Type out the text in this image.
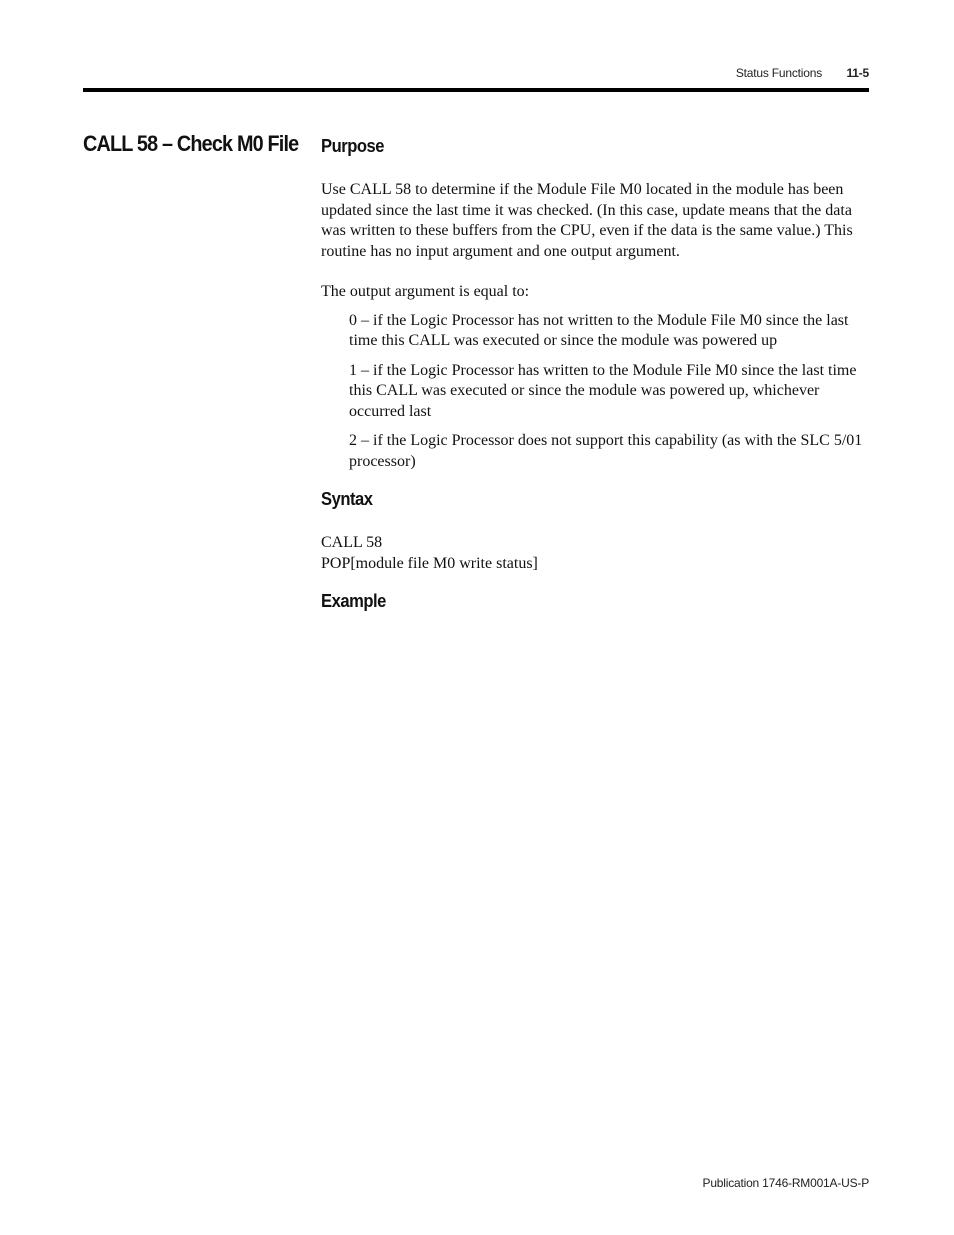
Status Functions 11-5
CALL 58 – Check M0 File Purpose

Use CALL 58 to determine if the Module File M0 located in the module has been updated since the last time it was checked. (In this case, update means that the data was written to these buffers from the CPU, even if the data is the same value.) This routine has no input argument and one output argument.

The output argument is equal to:

0 – if the Logic Processor has not written to the Module File M0 since the last time this CALL was executed or since the module was powered up
1 – if the Logic Processor has written to the Module File M0 since the last time this CALL was executed or since the module was powered up, whichever occurred last
2 – if the Logic Processor does not support this capability (as with the SLC 5/01 processor)
Syntax
CALL 58
POP[module file M0 write status]
Example
Publication 1746-RM001A-US-P
